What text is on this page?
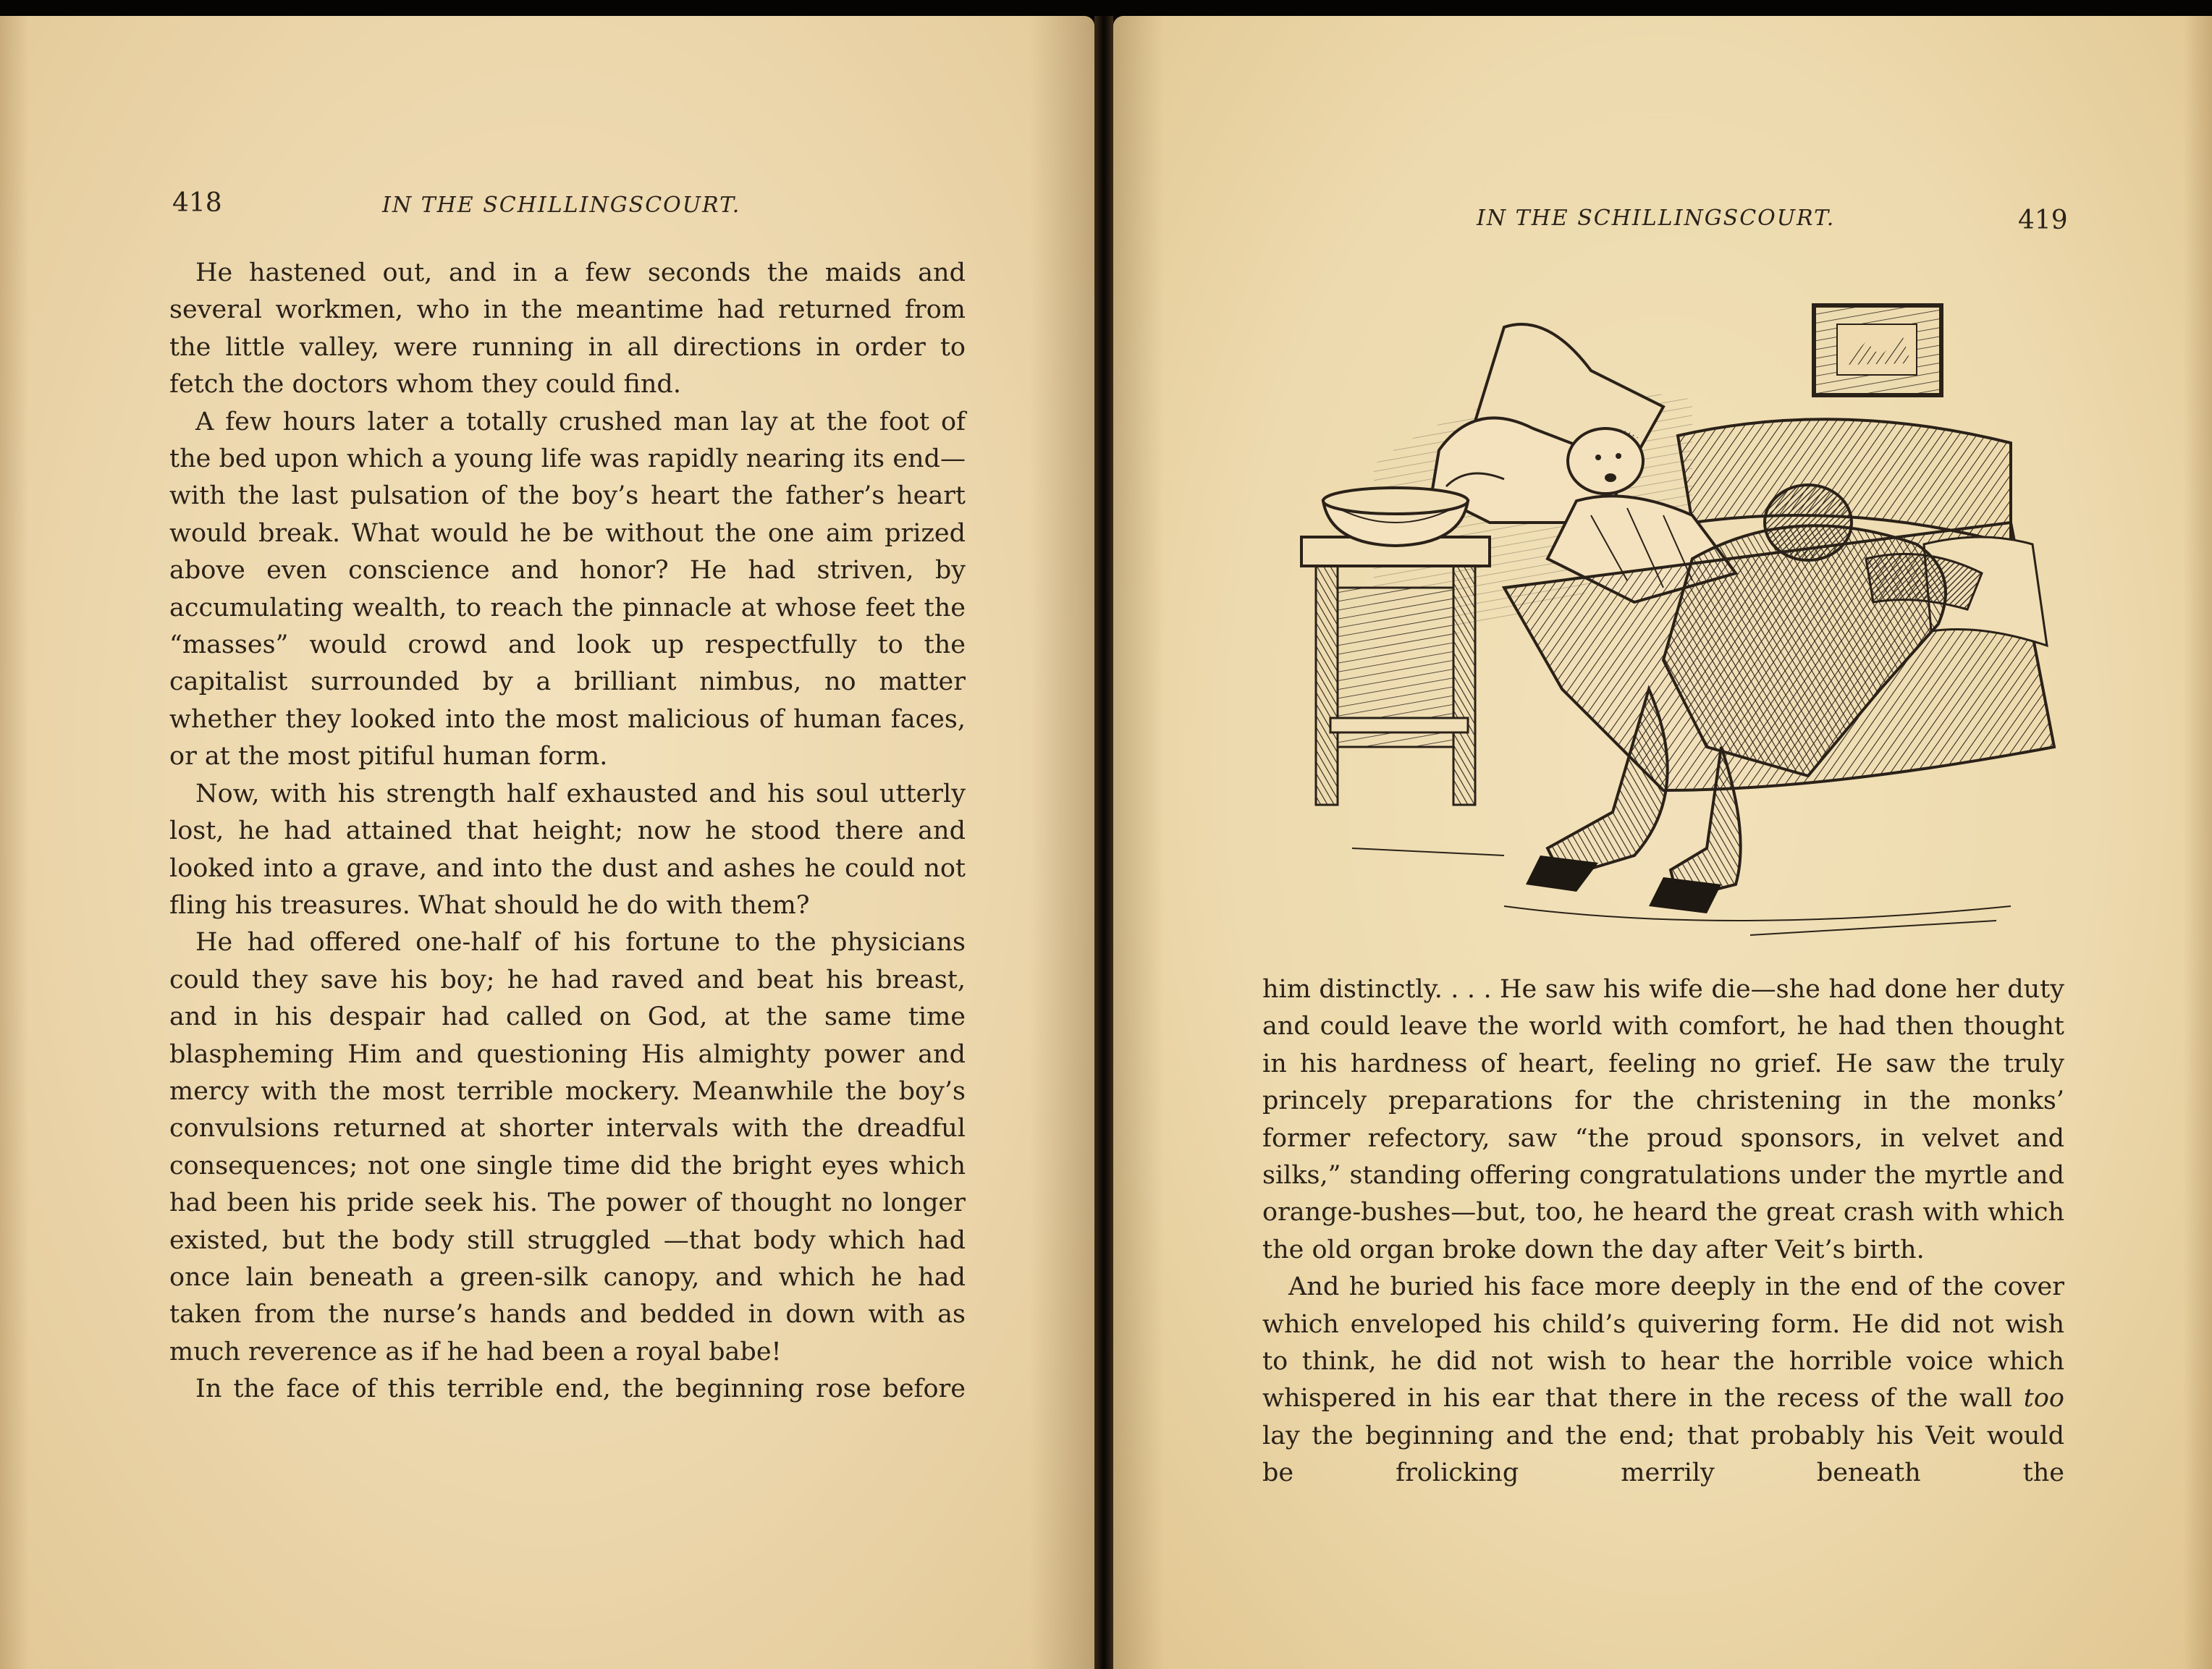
418	IN THE SCHILLINGSCOURT.

He hastened out, and in a few seconds the maids and several workmen, who in the meantime had returned from the little valley, were running in all directions in order to fetch the doctors whom they could find.

A few hours later a totally crushed man lay at the foot of the bed upon which a young life was rapidly nearing its end—with the last pulsation of the boy’s heart the father’s heart would break. What would he be without the one aim prized above even conscience and honor? He had striven, by accumulating wealth, to reach the pinnacle at whose feet the “masses” would crowd and look up respectfully to the capitalist surrounded by a brilliant nimbus, no matter whether they looked into the most malicious of human faces, or at the most pitiful human form.

Now, with his strength half exhausted and his soul utterly lost, he had attained that height; now he stood there and looked into a grave, and into the dust and ashes he could not fling his treasures. What should he do with them?

He had offered one-half of his fortune to the physicians could they save his boy; he had raved and beat his breast, and in his despair had called on God, at the same time blaspheming Him and questioning His almighty power and mercy with the most terrible mockery. Meanwhile the boy’s convulsions returned at shorter intervals with the dreadful consequences; not one single time did the bright eyes which had been his pride seek his. The power of thought no longer existed, but the body still struggled —that body which had once lain beneath a green-silk canopy, and which he had taken from the nurse’s hands and bedded in down with as much reverence as if he had been a royal babe!

In the face of this terrible end, the beginning rose before

IN THE SCHILLINGSCOURT.	419

him distinctly. . . . He saw his wife die—she had done her duty and could leave the world with comfort, he had then thought in his hardness of heart, feeling no grief. He saw the truly princely preparations for the christening in the monks’ former refectory, saw “the proud sponsors, in velvet and silks,” standing offering congratulations under the myrtle and orange-bushes—but, too, he heard the great crash with which the old organ broke down the day after Veit’s birth.

And he buried his face more deeply in the end of the cover which enveloped his child’s quivering form. He did not wish to think, he did not wish to hear the horrible voice which whispered in his ear that there in the recess of the wall too lay the beginning and the end; that probably his Veit would be frolicking merrily beneath the
